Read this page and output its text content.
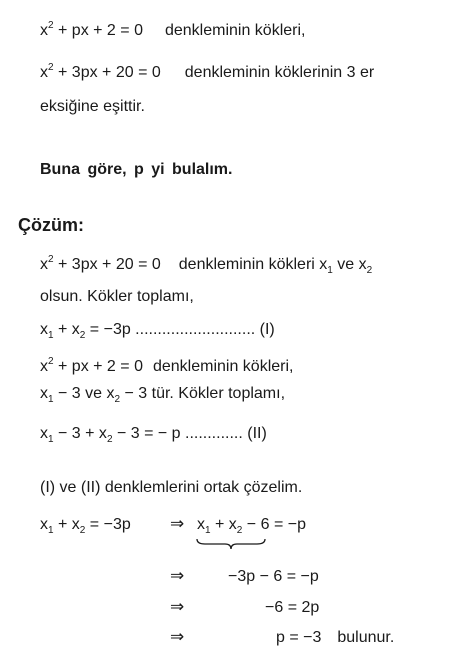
$x^2$ + px + 2 = 0 denkleminin kökleri,
$x^2 + 3px + 20 = 0$ denkleminin köklerinin 3 er
eksiğine eşittir.
Buna göre, p yi bulalım.
Çözüm:
$x^2 + 3px + 20 = 0$ denkleminin kökleri $x_1$ ve $x_2$
olsun. Kökler toplamı,
$x_1 + x_2 = -3p$ ........................... (I)
$x^2$ + px + 2 = 0 denkleminin kökleri,
$x_1 - 3$ ve $x_2 - 3$ tür. Kökler toplamı,
$x_1 - 3 + x_2 - 3$ = − p ............. (II)
(I) ve (II) denklemlerini ortak çözelim.
$x_1 + x_2 = -3p$ ⇒ $x_1 + x_2 - 6 = -p$
⇒	−3p − 6 = −p
⇒	−6 = 2p
⇒	p = −3 bulunur.
